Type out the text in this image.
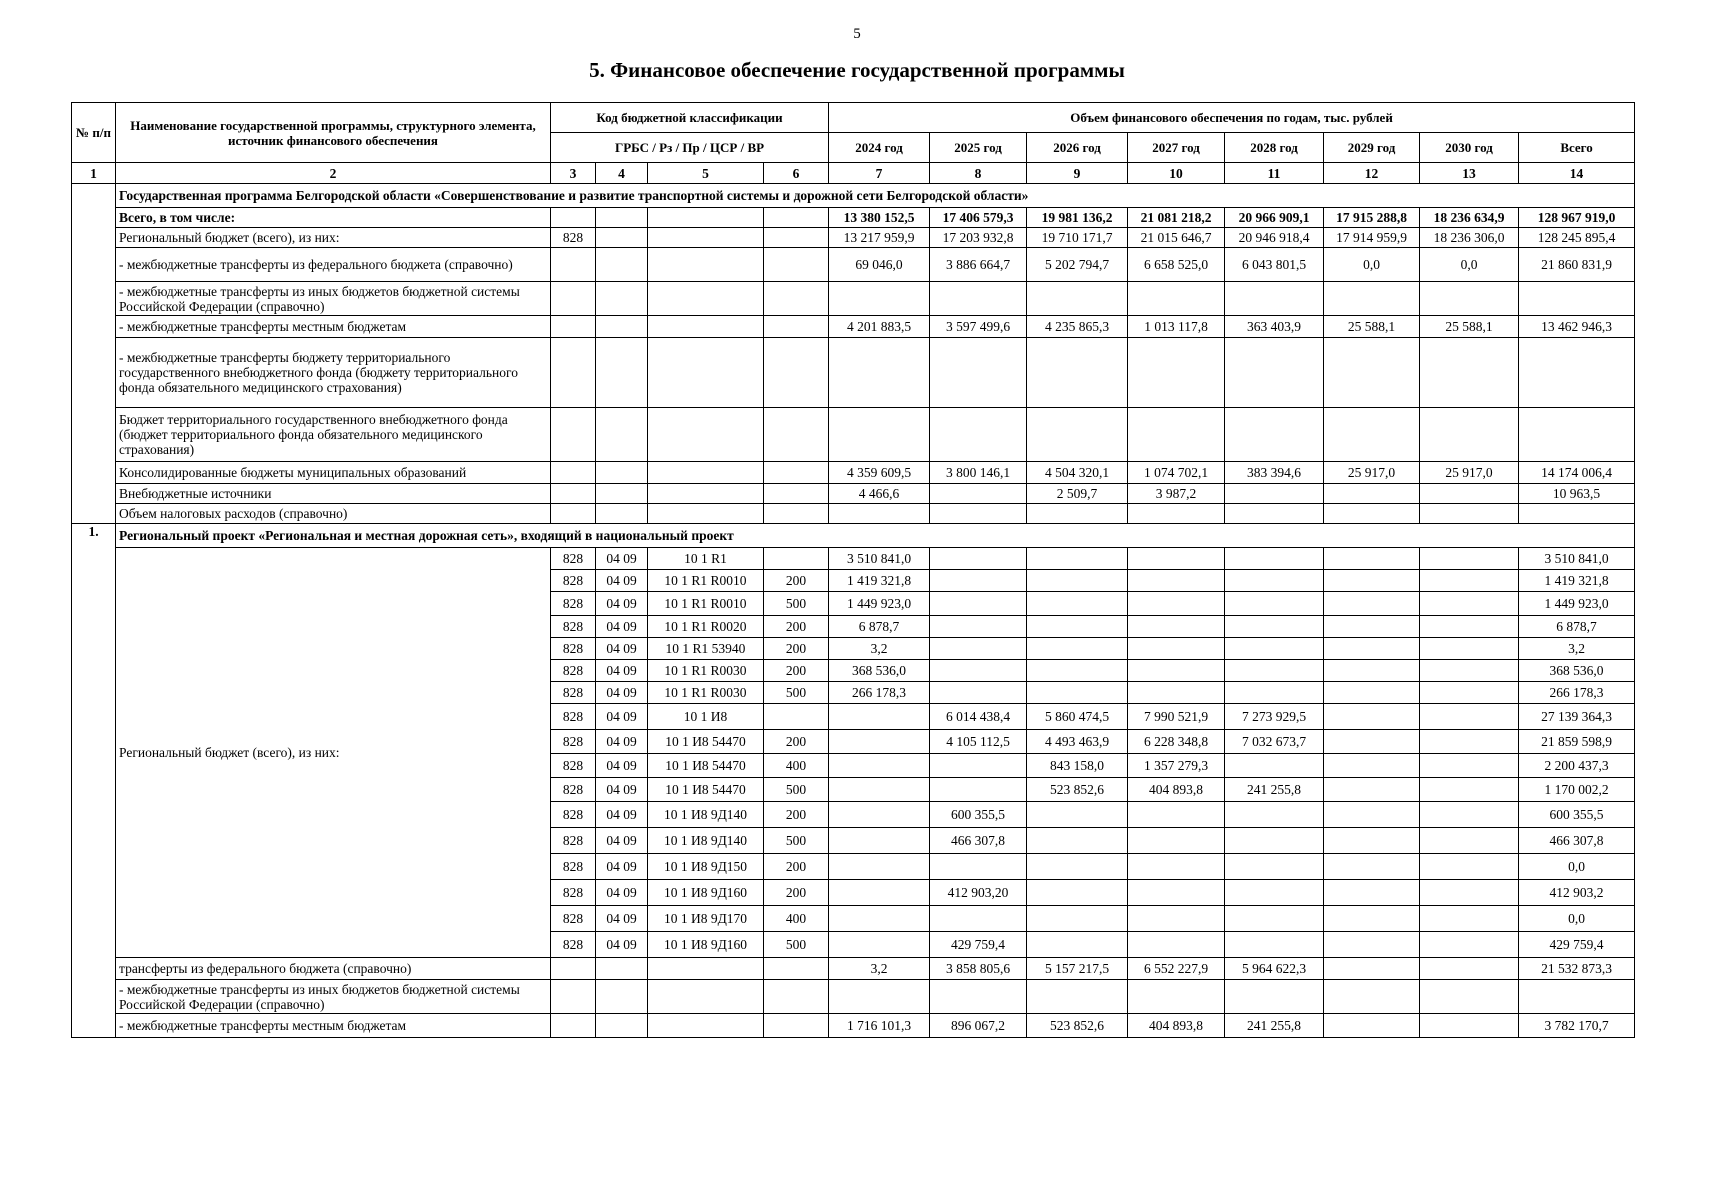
5
5. Финансовое обеспечение государственной программы
№ п/п	Наименование государственной программы, структурного элемента, источник финансового обеспечения	Код бюджетной классификации				Объем финансового обеспечения по годам, тыс. рублей							
		ГРБС / Рз / Пр / ЦСР / ВР				2024 год	2025 год	2026 год	2027 год	2028 год	2029 год	2030 год	Всего
1	2	3	4	5	6	7	8	9	10	11	12	13	14
	Государственная программа Белгородской области «Совершенствование и развитие транспортной системы и дорожной сети Белгородской области»												
	Всего, в том числе:					13 380 152,5	17 406 579,3	19 981 136,2	21 081 218,2	20 966 909,1	17 915 288,8	18 236 634,9	128 967 919,0
	Региональный бюджет (всего), из них:	828				13 217 959,9	17 203 932,8	19 710 171,7	21 015 646,7	20 946 918,4	17 914 959,9	18 236 306,0	128 245 895,4
	- межбюджетные трансферты из федерального бюджета (справочно)					69 046,0	3 886 664,7	5 202 794,7	6 658 525,0	6 043 801,5	0,0	0,0	21 860 831,9
	- межбюджетные трансферты из иных бюджетов бюджетной системы Российской Федерации (справочно)												
	- межбюджетные трансферты местным бюджетам					4 201 883,5	3 597 499,6	4 235 865,3	1 013 117,8	363 403,9	25 588,1	25 588,1	13 462 946,3
	- межбюджетные трансферты бюджету территориального государственного внебюджетного фонда (бюджету территориального фонда обязательного медицинского страхования)												
	Бюджет территориального государственного внебюджетного фонда (бюджет территориального фонда обязательного медицинского страхования)												
	Консолидированные бюджеты муниципальных образований					4 359 609,5	3 800 146,1	4 504 320,1	1 074 702,1	383 394,6	25 917,0	25 917,0	14 174 006,4
	Внебюджетные источники					4 466,6		2 509,7	3 987,2				10 963,5
	Объем налоговых расходов (справочно)												
1.	Региональный проект «Региональная и местная дорожная сеть», входящий в национальный проект												
	Региональный бюджет (всего), из них:	828	04 09	10 1 R1		3 510 841,0							3 510 841,0
		828	04 09	10 1 R1 R0010	200	1 419 321,8							1 419 321,8
		828	04 09	10 1 R1 R0010	500	1 449 923,0							1 449 923,0
		828	04 09	10 1 R1 R0020	200	6 878,7							6 878,7
		828	04 09	10 1 R1 53940	200	3,2							3,2
		828	04 09	10 1 R1 R0030	200	368 536,0							368 536,0
		828	04 09	10 1 R1 R0030	500	266 178,3							266 178,3
		828	04 09	10 1 И8			6 014 438,4	5 860 474,5	7 990 521,9	7 273 929,5			27 139 364,3
		828	04 09	10 1 И8 54470	200		4 105 112,5	4 493 463,9	6 228 348,8	7 032 673,7			21 859 598,9
		828	04 09	10 1 И8 54470	400			843 158,0	1 357 279,3				2 200 437,3
		828	04 09	10 1 И8 54470	500			523 852,6	404 893,8	241 255,8			1 170 002,2
		828	04 09	10 1 И8 9Д140	200		600 355,5						600 355,5
		828	04 09	10 1 И8 9Д140	500		466 307,8						466 307,8
		828	04 09	10 1 И8 9Д150	200								0,0
		828	04 09	10 1 И8 9Д160	200		412 903,20						412 903,2
		828	04 09	10 1 И8 9Д170	400								0,0
		828	04 09	10 1 И8 9Д160	500		429 759,4						429 759,4
	трансферты из федерального бюджета (справочно)					3,2	3 858 805,6	5 157 217,5	6 552 227,9	5 964 622,3			21 532 873,3
	- межбюджетные трансферты из иных бюджетов бюджетной системы Российской Федерации (справочно)												
	- межбюджетные трансферты местным бюджетам					1 716 101,3	896 067,2	523 852,6	404 893,8	241 255,8			3 782 170,7
